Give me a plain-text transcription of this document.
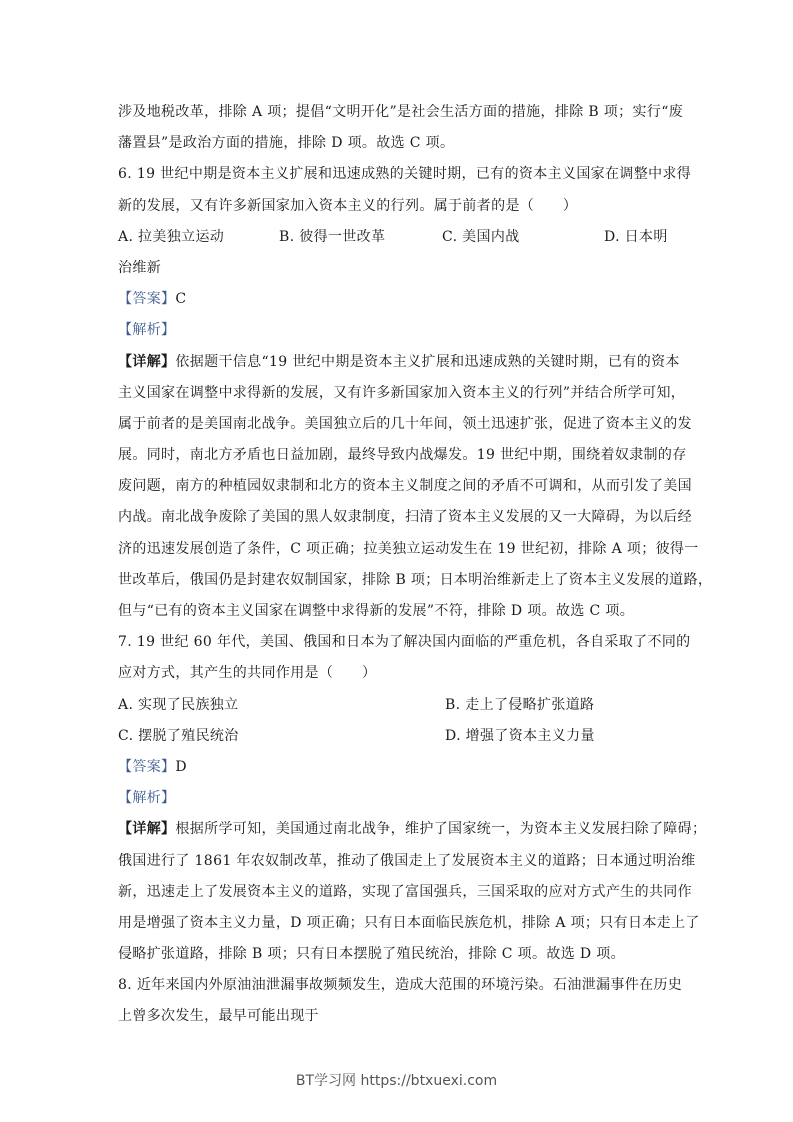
涉及地税改革，排除 A 项；提倡“文明开化”是社会生活方面的措施，排除 B 项；实行“废
藩置县”是政治方面的措施，排除 D 项。故选 C 项。
6. 19 世纪中期是资本主义扩展和迅速成熟的关键时期，已有的资本主义国家在调整中求得
新的发展，又有许多新国家加入资本主义的行列。属于前者的是（　　）
A. 拉美独立运动	B. 彼得一世改革	C. 美国内战	D. 日本明
治维新
【答案】C
【解析】
【详解】依据题干信息“19 世纪中期是资本主义扩展和迅速成熟的关键时期，已有的资本
主义国家在调整中求得新的发展，又有许多新国家加入资本主义的行列”并结合所学可知，
属于前者的是美国南北战争。美国独立后的几十年间，领土迅速扩张，促进了资本主义的发
展。同时，南北方矛盾也日益加剧，最终导致内战爆发。19 世纪中期，围绕着奴隶制的存
废问题，南方的种植园奴隶制和北方的资本主义制度之间的矛盾不可调和，从而引发了美国
内战。南北战争废除了美国的黑人奴隶制度，扫清了资本主义发展的又一大障碍，为以后经
济的迅速发展创造了条件，C 项正确；拉美独立运动发生在 19 世纪初，排除 A 项；彼得一
世改革后，俄国仍是封建农奴制国家，排除 B 项；日本明治维新走上了资本主义发展的道路，
但与“已有的资本主义国家在调整中求得新的发展”不符，排除 D 项。故选 C 项。
7. 19 世纪 60 年代，美国、俄国和日本为了解决国内面临的严重危机，各自采取了不同的
应对方式，其产生的共同作用是（　　）
A. 实现了民族独立	B. 走上了侵略扩张道路
C. 摆脱了殖民统治	D. 增强了资本主义力量
【答案】D
【解析】
【详解】根据所学可知，美国通过南北战争，维护了国家统一，为资本主义发展扫除了障碍；
俄国进行了 1861 年农奴制改革，推动了俄国走上了发展资本主义的道路；日本通过明治维
新，迅速走上了发展资本主义的道路，实现了富国强兵，三国采取的应对方式产生的共同作
用是增强了资本主义力量，D 项正确；只有日本面临民族危机，排除 A 项；只有日本走上了
侵略扩张道路，排除 B 项；只有日本摆脱了殖民统治，排除 C 项。故选 D 项。
8. 近年来国内外原油油泄漏事故频频发生，造成大范围的环境污染。石油泄漏事件在历史
上曾多次发生，最早可能出现于
BT学习网 https://btxuexi.com
